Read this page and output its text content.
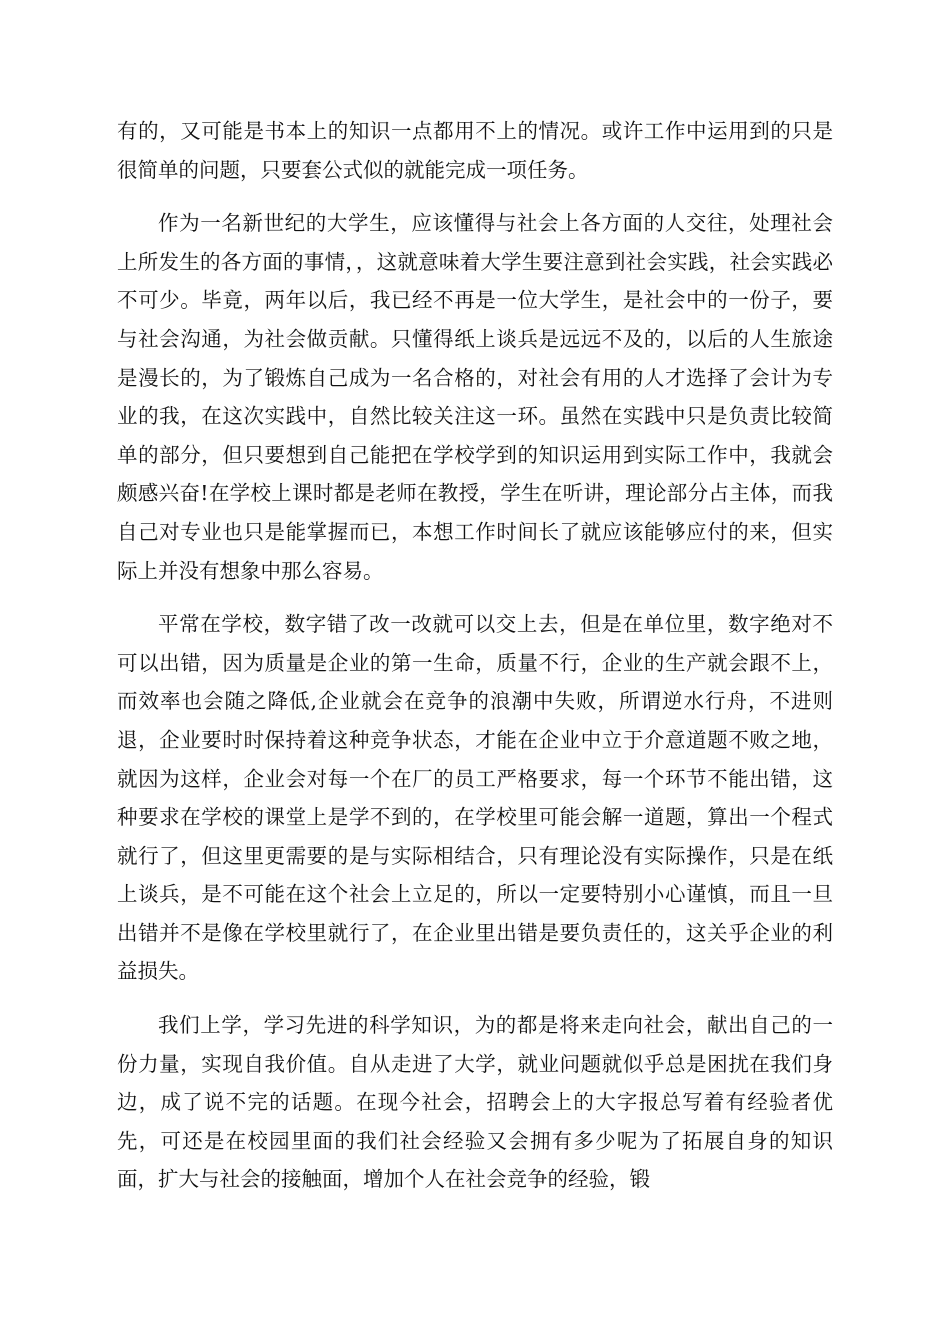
有的，又可能是书本上的知识一点都用不上的情况。或许工作中运用到的只是很简单的问题，只要套公式似的就能完成一项任务。

作为一名新世纪的大学生，应该懂得与社会上各方面的人交往，处理社会上所发生的各方面的事情，，这就意味着大学生要注意到社会实践，社会实践必不可少。毕竟，两年以后，我已经不再是一位大学生，是社会中的一份子，要与社会沟通，为社会做贡献。只懂得纸上谈兵是远远不及的，以后的人生旅途是漫长的，为了锻炼自己成为一名合格的，对社会有用的人才选择了会计为专业的我，在这次实践中，自然比较关注这一环。虽然在实践中只是负责比较简单的部分，但只要想到自己能把在学校学到的知识运用到实际工作中，我就会颇感兴奋!在学校上课时都是老师在教授，学生在听讲，理论部分占主体，而我自己对专业也只是能掌握而已，本想工作时间长了就应该能够应付的来，但实际上并没有想象中那么容易。

平常在学校，数字错了改一改就可以交上去，但是在单位里，数字绝对不可以出错，因为质量是企业的第一生命，质量不行，企业的生产就会跟不上，而效率也会随之降低,企业就会在竞争的浪潮中失败，所谓逆水行舟，不进则退，企业要时时保持着这种竞争状态，才能在企业中立于介意道题不败之地，就因为这样，企业会对每一个在厂的员工严格要求，每一个环节不能出错，这种要求在学校的课堂上是学不到的，在学校里可能会解一道题，算出一个程式就行了，但这里更需要的是与实际相结合，只有理论没有实际操作，只是在纸上谈兵，是不可能在这个社会上立足的，所以一定要特别小心谨慎，而且一旦出错并不是像在学校里就行了，在企业里出错是要负责任的，这关乎企业的利益损失。

我们上学，学习先进的科学知识，为的都是将来走向社会，献出自己的一份力量，实现自我价值。自从走进了大学，就业问题就似乎总是困扰在我们身边，成了说不完的话题。在现今社会，招聘会上的大字报总写着有经验者优先，可还是在校园里面的我们社会经验又会拥有多少呢为了拓展自身的知识面，扩大与社会的接触面，增加个人在社会竞争的经验，锻
